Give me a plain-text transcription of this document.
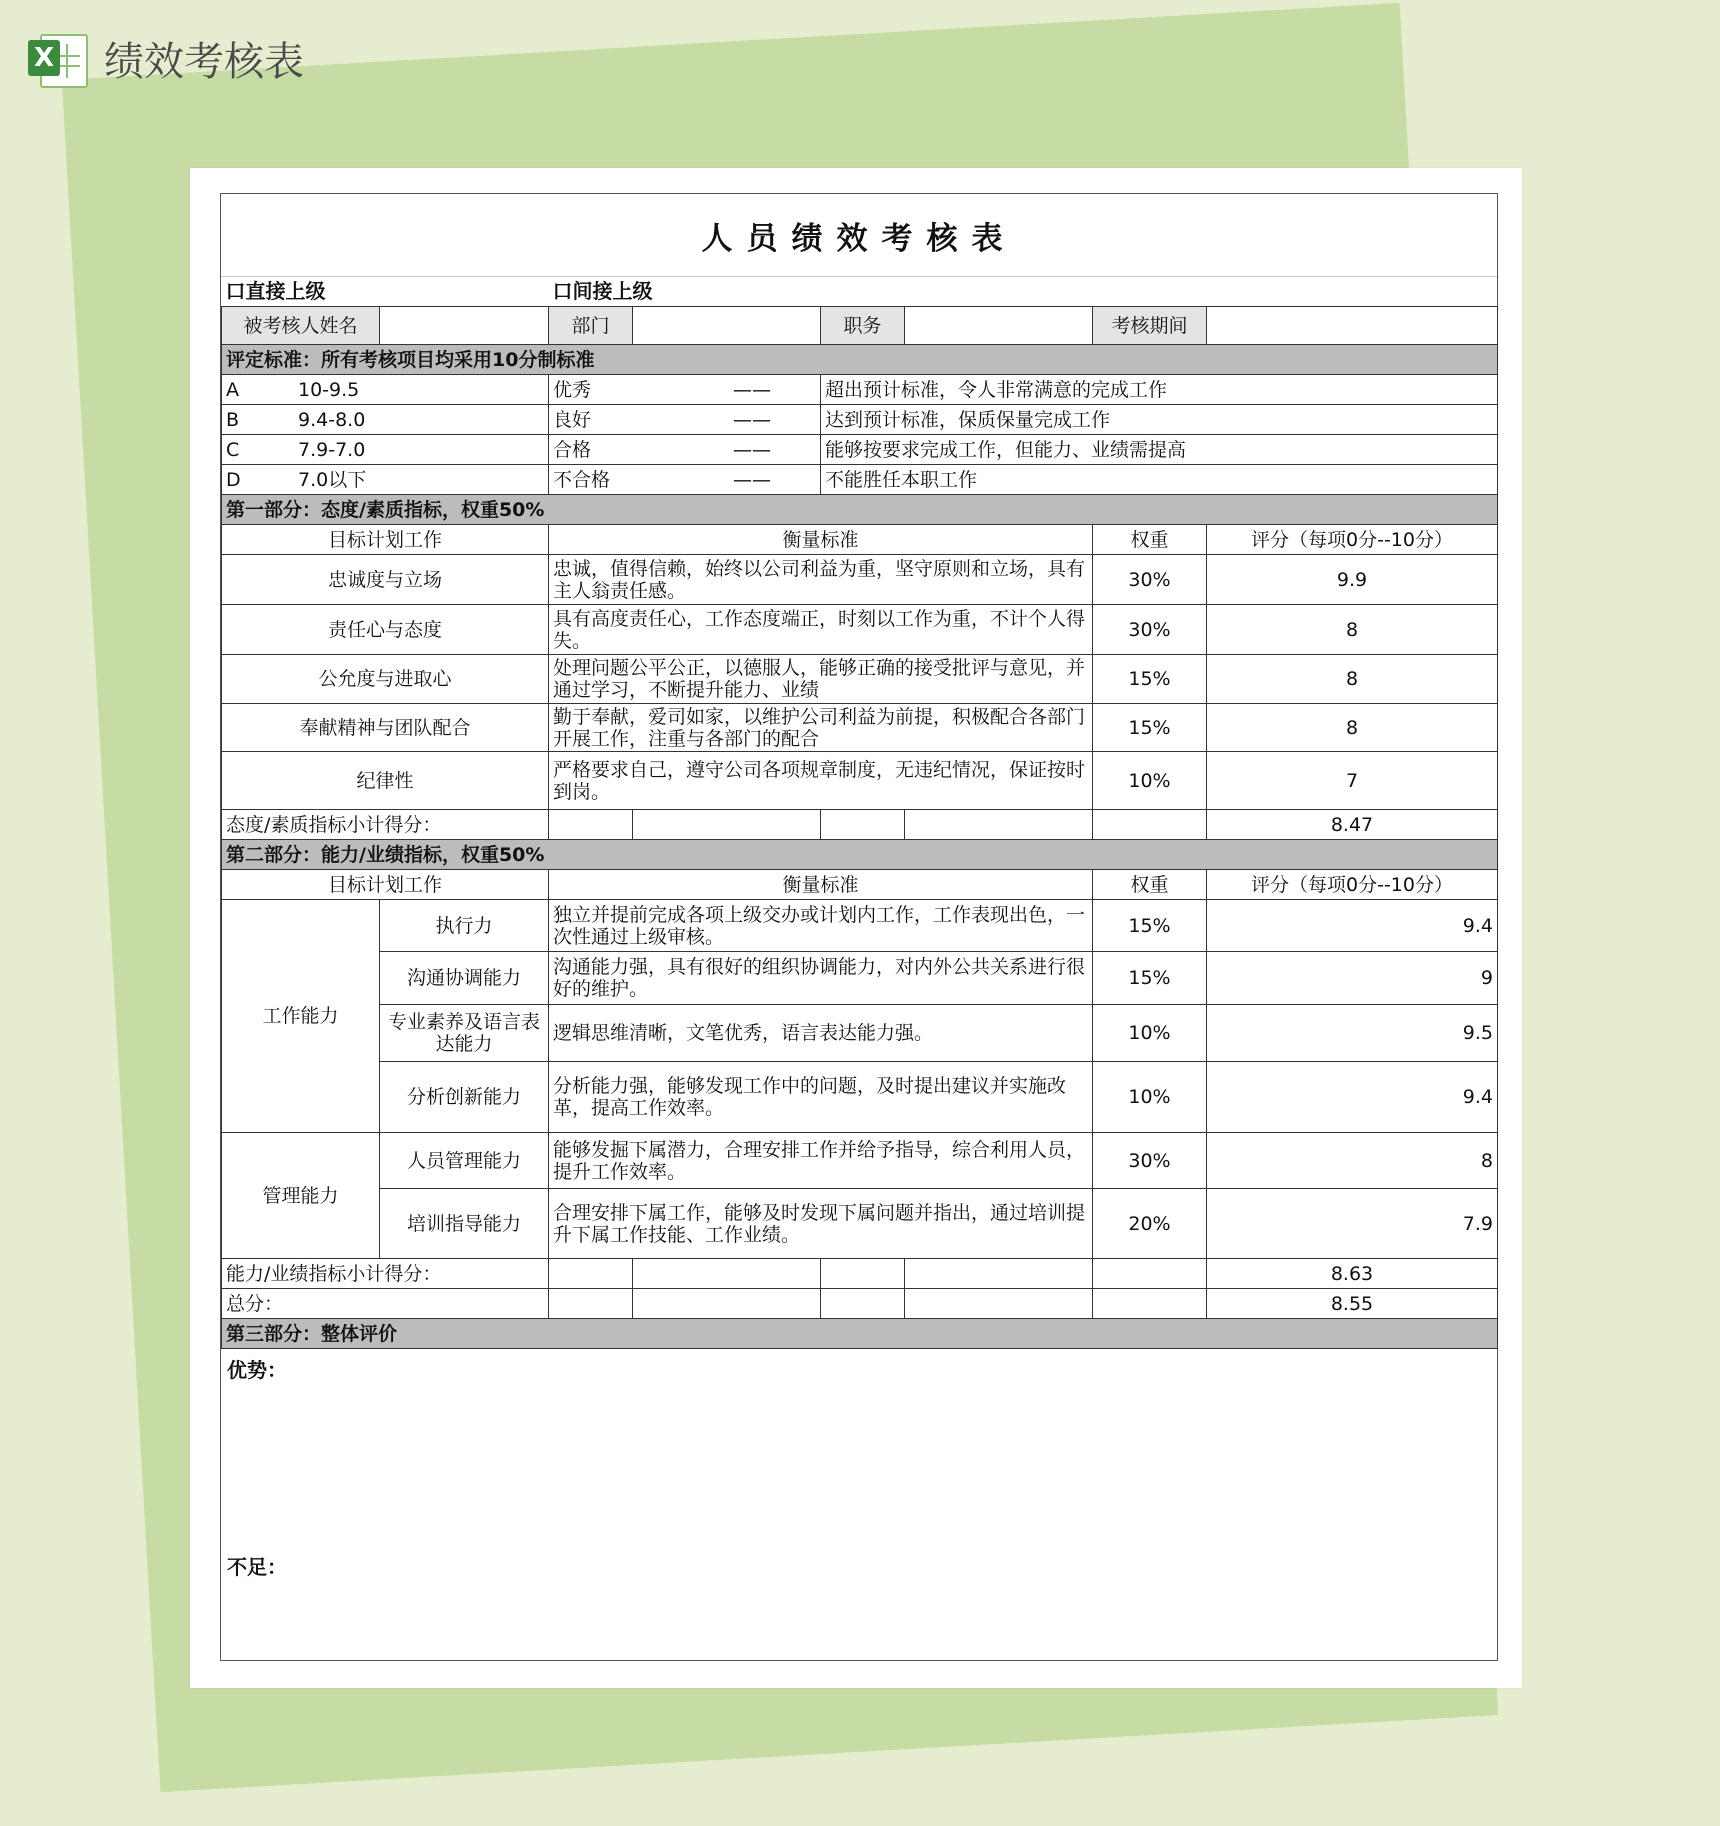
X 绩效考核表
人员绩效考核表
口直接上级		口间接上级					
被考核人姓名		部门		职务		考核期间	
评定标准：所有考核项目均采用10分制标准							
A 10-9.5		优秀 ——		超出预计标准，令人非常满意的完成工作			
B 9.4-8.0		良好 ——		达到预计标准，保质保量完成工作			
C 7.9-7.0		合格 ——		能够按要求完成工作，但能力、业绩需提高			
D 7.0以下		不合格 ——		不能胜任本职工作			
第一部分：态度/素质指标，权重50%							
目标计划工作		衡量标准				权重	评分（每项0分--10分）
忠诚度与立场		忠诚，值得信赖，始终以公司利益为重，坚守原则和立场，具有主人翁责任感。				30%	9.9
责任心与态度		具有高度责任心，工作态度端正，时刻以工作为重，不计个人得失。				30%	8
公允度与进取心		处理问题公平公正，以德服人，能够正确的接受批评与意见，并通过学习，不断提升能力、业绩				15%	8
奉献精神与团队配合		勤于奉献，爱司如家，以维护公司利益为前提，积极配合各部门开展工作，注重与各部门的配合				15%	8
纪律性		严格要求自己，遵守公司各项规章制度，无违纪情况，保证按时到岗。				10%	7
态度/素质指标小计得分：							8.47
第二部分：能力/业绩指标，权重50%							
目标计划工作		衡量标准				权重	评分（每项0分--10分）
工作能力	执行力	独立并提前完成各项上级交办或计划内工作，工作表现出色，一次性通过上级审核。				15%	9.4
	沟通协调能力	沟通能力强，具有很好的组织协调能力，对内外公共关系进行很好的维护。				15%	9
	专业素养及语言表达能力	逻辑思维清晰，文笔优秀，语言表达能力强。				10%	9.5
	分析创新能力	分析能力强，能够发现工作中的问题，及时提出建议并实施改革，提高工作效率。				10%	9.4
管理能力	人员管理能力	能够发掘下属潜力，合理安排工作并给予指导，综合利用人员，提升工作效率。				30%	8
	培训指导能力	合理安排下属工作，能够及时发现下属问题并指出，通过培训提升下属工作技能、工作业绩。				20%	7.9
能力/业绩指标小计得分：							8.63
总分：							8.55
第三部分：整体评价							
优势：
不足：
